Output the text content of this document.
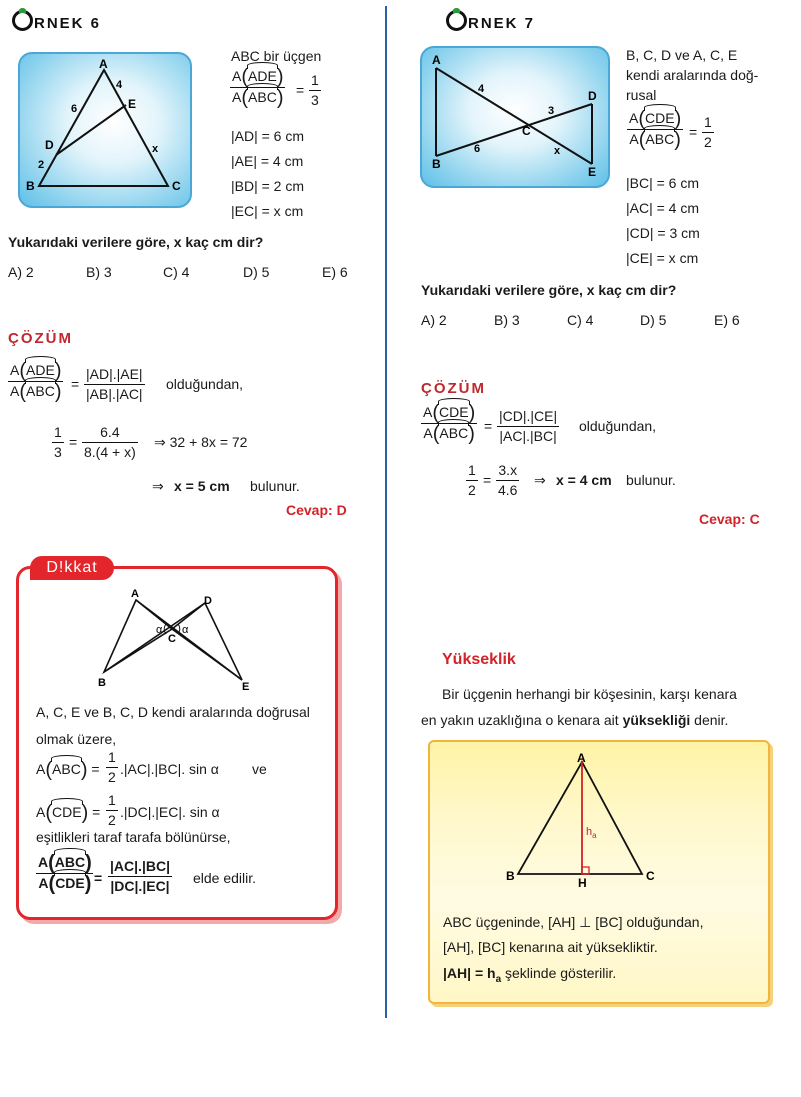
RNEK 6
A
B	C
D
E
6
4
2
x
ABC bir üçgen
A(ADE)
$A(ABC) = \frac{1}{3}$
|AD| = 6 cm
|AE| = 4 cm
|BD| = 2 cm
|EC| = x cm
Yukarıdaki verilere göre, x kaç cm dir?
A) 2	B) 3	C) 4	D) 5	E) 6
ÇÖZÜM
A(ADE)
$A(ABC) = \frac{|AD|.|AE|}{|AB|.|AC|}$ olduğundan,
$\frac{1}{3} = \frac{6.4}{8.(4 + x)}$ ⇒ 32 + 8x = 72
⇒ x = 5 cm bulunur.
Cevap: D
D!kkat
A
B
C
D
E
α α
A, C, E ve B, C, D kendi aralarında doğrusal
olmak üzere,
$A(ABC) = \frac{1}{2} .|AC|.|BC|$. sin α ve
$A(CDE) = \frac{1}{2} .|DC|.|EC|$. sin α
eşitlikleri taraf tarafa bölünürse,
A(ABC)
$A(CDE) = \frac{|AC|.|BC|}{|DC|.|EC|}$ elde edilir.
RNEK 7
A
B
C
D
E
4
6
3
x
B, C, D ve A, C, E
kendi aralarında doğ-
rusal
A(CDE)
$A(ABC) = \frac{1}{2}$
|BC| = 6 cm
|AC| = 4 cm
|CD| = 3 cm
|CE| = x cm
Yukarıdaki verilere göre, x kaç cm dir?
A) 2	B) 3	C) 4	D) 5	E) 6
ÇÖZÜM
A(CDE)
$A(ABC) = \frac{|CD|.|CE|}{|AC|.|BC|}$ olduğundan,
$\frac{1}{2} = \frac{3.x}{4.6}$ ⇒ x = 4 cm bulunur.
Cevap: C
Yükseklik
Bir üçgenin herhangi bir köşesinin, karşı kenara
en yakın uzaklığına o kenara ait yüksekliği denir.
A
B	C
H
$h_a$
ABC üçgeninde, [AH] ⊥ [BC] olduğundan,
[AH], [BC] kenarına ait yüksekliktir.
$|AH| = h_a$ şeklinde gösterilir.
